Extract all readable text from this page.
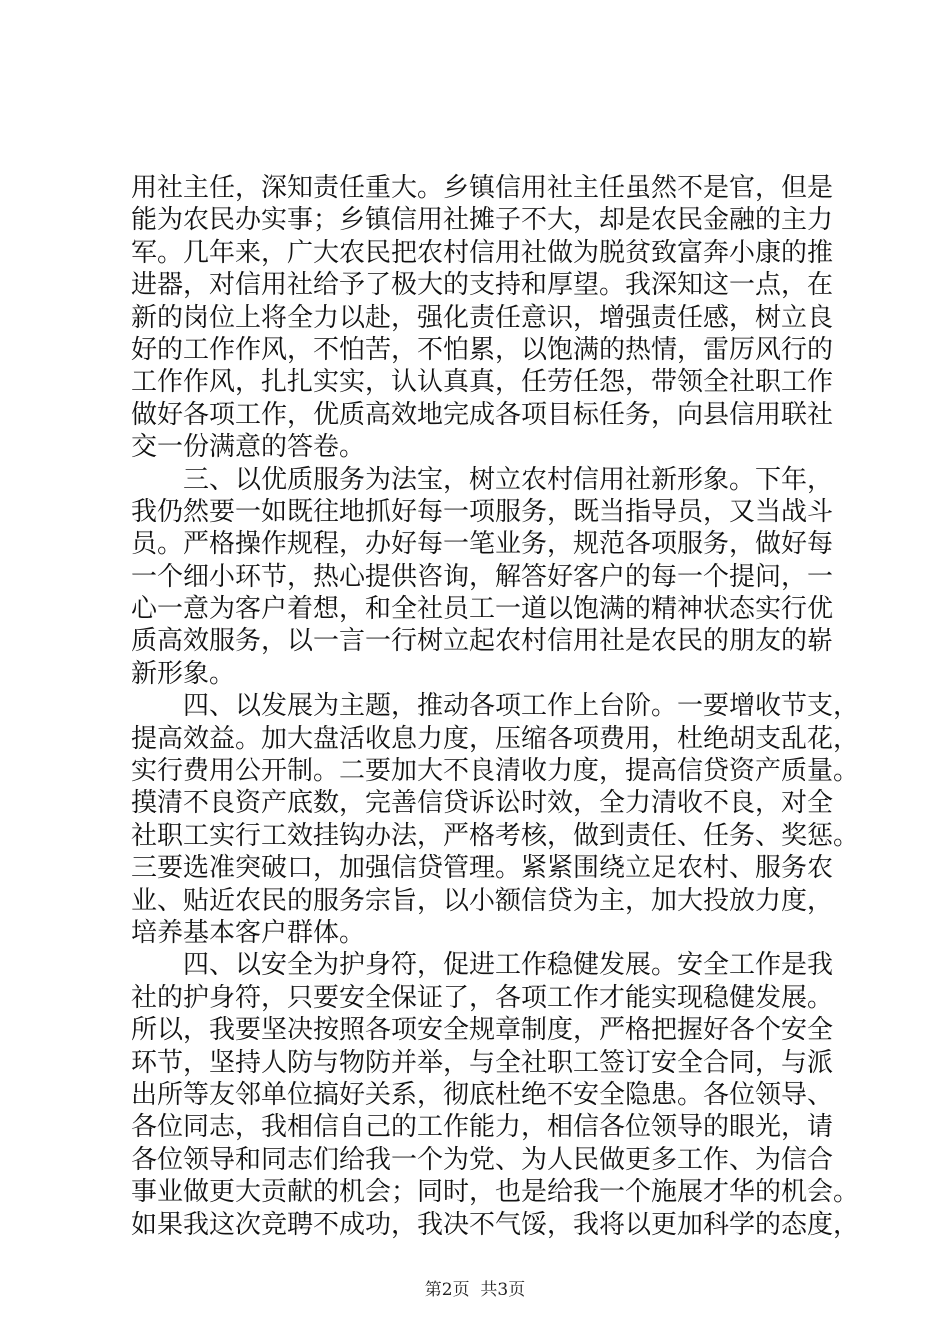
用社主任，深知责任重大。乡镇信用社主任虽然不是官，但是
能为农民办实事；乡镇信用社摊子不大，却是农民金融的主力
军。几年来，广大农民把农村信用社做为脱贫致富奔小康的推
进器，对信用社给予了极大的支持和厚望。我深知这一点，在
新的岗位上将全力以赴，强化责任意识，增强责任感，树立良
好的工作作风，不怕苦，不怕累，以饱满的热情，雷厉风行的
工作作风，扎扎实实，认认真真，任劳任怨，带领全社职工作
做好各项工作，优质高效地完成各项目标任务，向县信用联社
交一份满意的答卷。
　　三、以优质服务为法宝，树立农村信用社新形象。下年，
我仍然要一如既往地抓好每一项服务，既当指导员，又当战斗
员。严格操作规程，办好每一笔业务，规范各项服务，做好每
一个细小环节，热心提供咨询，解答好客户的每一个提问，一
心一意为客户着想，和全社员工一道以饱满的精神状态实行优
质高效服务，以一言一行树立起农村信用社是农民的朋友的崭
新形象。
　　四、以发展为主题，推动各项工作上台阶。一要增收节支，
提高效益。加大盘活收息力度，压缩各项费用，杜绝胡支乱花，
实行费用公开制。二要加大不良清收力度，提高信贷资产质量。
摸清不良资产底数，完善信贷诉讼时效，全力清收不良，对全
社职工实行工效挂钩办法，严格考核，做到责任、任务、奖惩。
三要选准突破口，加强信贷管理。紧紧围绕立足农村、服务农
业、贴近农民的服务宗旨，以小额信贷为主，加大投放力度，
培养基本客户群体。
　　四、以安全为护身符，促进工作稳健发展。安全工作是我
社的护身符，只要安全保证了，各项工作才能实现稳健发展。
所以，我要坚决按照各项安全规章制度，严格把握好各个安全
环节，坚持人防与物防并举，与全社职工签订安全合同，与派
出所等友邻单位搞好关系，彻底杜绝不安全隐患。各位领导、
各位同志，我相信自己的工作能力，相信各位领导的眼光，请
各位领导和同志们给我一个为党、为人民做更多工作、为信合
事业做更大贡献的机会；同时，也是给我一个施展才华的机会。
如果我这次竞聘不成功，我决不气馁，我将以更加科学的态度，
第2页  共3页
